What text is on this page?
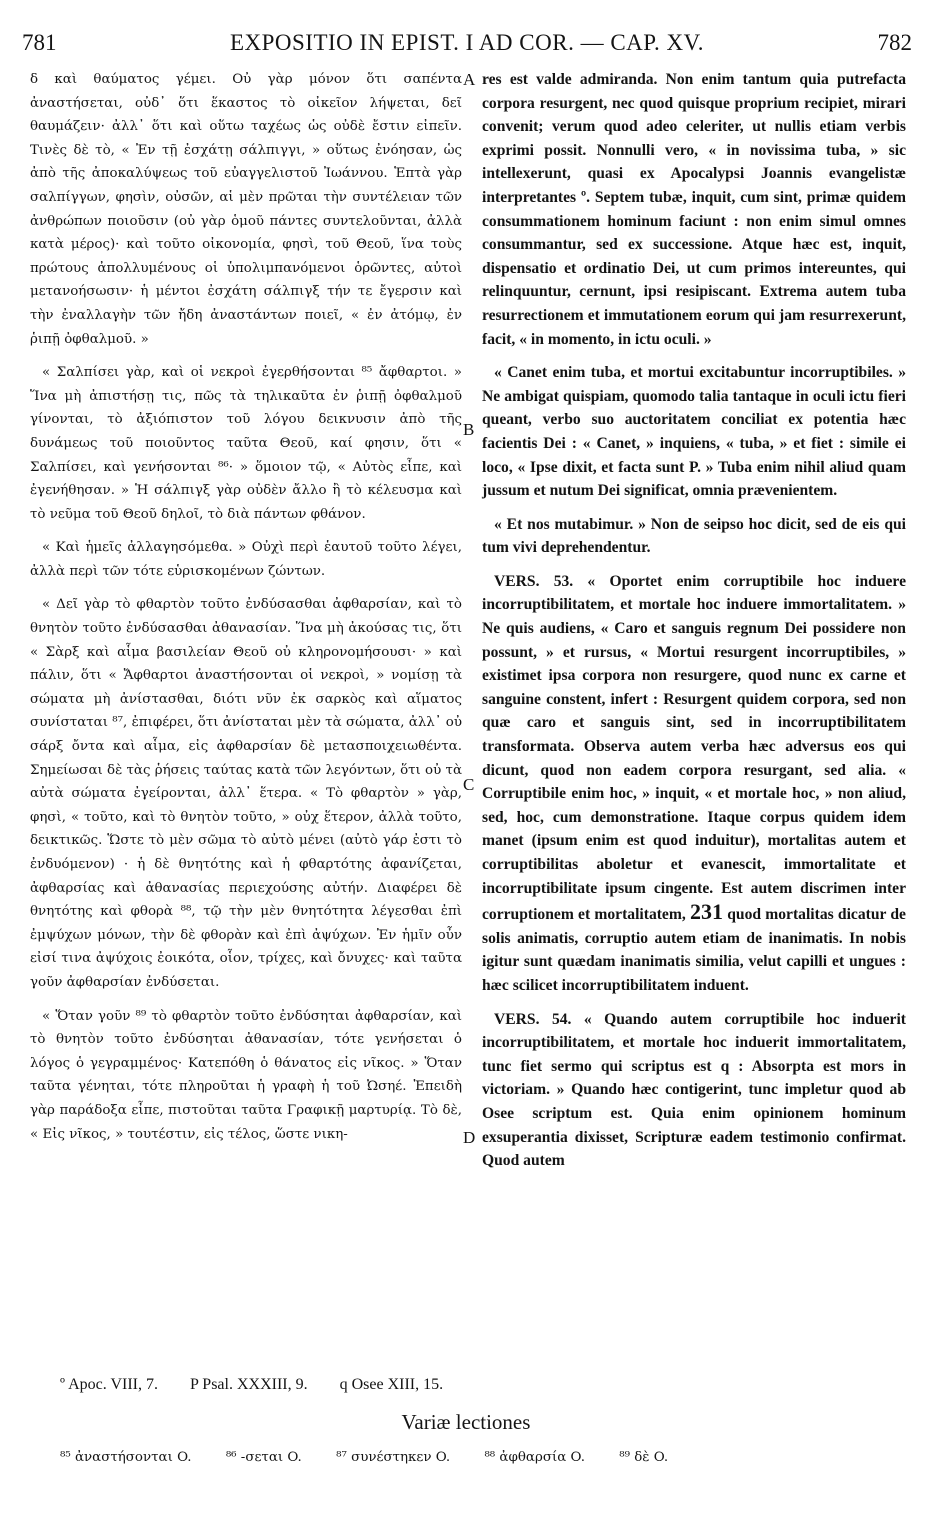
781	EXPOSITIO IN EPIST. I AD COR. — CAP. XV.	782

δ καὶ θαύματος γέμει. Οὐ γὰρ μόνον ὅτι σαπέντα ἀναστήσεται, οὐδ᾿ ὅτι ἕκαστος τὸ οἰκεῖον λήψεται, δεῖ θαυμάζειν· ἀλλ᾿ ὅτι καὶ οὕτω ταχέως ὡς οὐδὲ ἔστιν εἰπεῖν. Τινὲς δὲ τὸ, « Ἐν τῇ ἐσχάτῃ σάλπιγγι, » οὕτως ἐνόησαν, ὡς ἀπὸ τῆς ἀποκαλύψεως τοῦ εὐαγγελιστοῦ Ἰωάννου. Ἑπτὰ γὰρ σαλπίγγων, φησὶν, οὐσῶν, αἱ μὲν πρῶται τὴν συντέλειαν τῶν ἀνθρώπων ποιοῦσιν (οὐ γὰρ ὁμοῦ πάντες συντελοῦνται, ἀλλὰ κατὰ μέρος)· καὶ τοῦτο οἰκονομία, φησὶ, τοῦ Θεοῦ, ἵνα τοὺς πρώτους ἀπολλυμένους οἱ ὑπολιμπανόμενοι ὁρῶντες, αὐτοὶ μετανοήσωσιν· ἡ μέντοι ἐσχάτη σάλπιγξ τήν τε ἔγερσιν καὶ τὴν ἐναλλαγὴν τῶν ἤδη ἀναστάντων ποιεῖ, « ἐν ἀτόμῳ, ἐν ῥιπῇ ὀφθαλμοῦ. »

« Σαλπίσει γὰρ, καὶ οἱ νεκροὶ ἐγερθήσονται ⁸⁵ ἄφθαρτοι. » Ἵνα μὴ ἀπιστήσῃ τις, πῶς τὰ τηλικαῦτα ἐν ῥιπῇ ὀφθαλμοῦ γίνονται, τὸ ἀξιόπιστον τοῦ λόγου δεικνυσιν ἀπὸ τῆς δυνάμεως τοῦ ποιοῦντος ταῦτα Θεοῦ, καί φησιν, ὅτι « Σαλπίσει, καὶ γενήσονται ⁸⁶· » ὅμοιον τῷ, « Αὐτὸς εἶπε, καὶ ἐγενήθησαν. » Ἡ σάλπιγξ γὰρ οὐδὲν ἄλλο ἢ τὸ κέλευσμα καὶ τὸ νεῦμα τοῦ Θεοῦ δηλοῖ, τὸ διὰ πάντων φθάνον.

« Καὶ ἡμεῖς ἀλλαγησόμεθα. » Οὐχὶ περὶ ἑαυτοῦ τοῦτο λέγει, ἀλλὰ περὶ τῶν τότε εὑρισκομένων ζώντων.

« Δεῖ γὰρ τὸ φθαρτὸν τοῦτο ἐνδύσασθαι ἀφθαρσίαν, καὶ τὸ θνητὸν τοῦτο ἐνδύσασθαι ἀθανασίαν. Ἵνα μὴ ἀκούσας τις, ὅτι « Σὰρξ καὶ αἷμα βασιλείαν Θεοῦ οὐ κληρονομήσουσι· » καὶ πάλιν, ὅτι « Ἄφθαρτοι ἀναστήσονται οἱ νεκροὶ, » νομίσῃ τὰ σώματα μὴ ἀνίστασθαι, διότι νῦν ἐκ σαρκὸς καὶ αἵματος συνίσταται ⁸⁷, ἐπιφέρει, ὅτι ἀνίσταται μὲν τὰ σώματα, ἀλλ᾿ οὐ σάρξ ὄντα καὶ αἷμα, εἰς ἀφθαρσίαν δὲ μετασποιχειωθέντα. Σημείωσαι δὲ τὰς ῥήσεις ταύτας κατὰ τῶν λεγόντων, ὅτι οὐ τὰ αὐτὰ σώματα ἐγείρονται, ἀλλ᾿ ἕτερα. « Τὸ φθαρτὸν » γὰρ, φησὶ, « τοῦτο, καὶ τὸ θνητὸν τοῦτο, » οὐχ ἕτερον, ἀλλὰ τοῦτο, δεικτικῶς. Ὥστε τὸ μὲν σῶμα τὸ αὐτὸ μένει (αὐτὸ γάρ ἐστι τὸ ἐνδυόμενον) · ἡ δὲ θνητότης καὶ ἡ φθαρτότης ἀφανίζεται, ἀφθαρσίας καὶ ἀθανασίας περιεχούσης αὐτήν. Διαφέρει δὲ θνητότης καὶ φθορὰ ⁸⁸, τῷ τὴν μὲν θνητότητα λέγεσθαι ἐπὶ ἐμψύχων μόνων, τὴν δὲ φθορὰν καὶ ἐπὶ ἀψύχων. Ἐν ἡμῖν οὖν εἰσί τινα ἀψύχοις ἐοικότα, οἷον, τρίχες, καὶ ὄνυχες· καὶ ταῦτα γοῦν ἀφθαρσίαν ἐνδύσεται.

« Ὅταν γοῦν ⁸⁹ τὸ φθαρτὸν τοῦτο ἐνδύσηται ἀφθαρσίαν, καὶ τὸ θνητὸν τοῦτο ἐνδύσηται ἀθανασίαν, τότε γενήσεται ὁ λόγος ὁ γεγραμμένος· Κατεπόθη ὁ θάνατος εἰς νῖκος. » Ὅταν ταῦτα γένηται, τότε πληροῦται ἡ γραφὴ ἡ τοῦ Ὠσηέ. Ἐπειδὴ γὰρ παράδοξα εἶπε, πιστοῦται ταῦτα Γραφικῇ μαρτυρίᾳ. Τὸ δὲ, « Εἰς νῖκος, » τουτέστιν, εἰς τέλος, ὥστε νικη-

res est valde admiranda. Non enim tantum quia putrefacta corpora resurgent, nec quod quisque proprium recipiet, mirari convenit; verum quod adeo celeriter, ut nullis etiam verbis exprimi possit. Nonnulli vero, « in novissima tuba, » sic intellexerunt, quasi ex Apocalypsi Joannis evangelistæ interpretantes º. Septem tubæ, inquit, cum sint, primæ quidem consummationem hominum faciunt : non enim simul omnes consummantur, sed ex successione. Atque hæc est, inquit, dispensatio et ordinatio Dei, ut cum primos intereuntes, qui relinquuntur, cernunt, ipsi resipiscant. Extrema autem tuba resurrectionem et immutationem eorum qui jam resurrexerunt, facit, « in momento, in ictu oculi. »

« Canet enim tuba, et mortui excitabuntur incorruptibiles. » Ne ambigat quispiam, quomodo talia tantaque in oculi ictu fieri queant, verbo suo auctoritatem conciliat ex potentia hæc facientis Dei : « Canet, » inquiens, « tuba, » et fiet : simile ei loco, « Ipse dixit, et facta sunt P. » Tuba enim nihil aliud quam jussum et nutum Dei significat, omnia prævenientem.

« Et nos mutabimur. » Non de seipso hoc dicit, sed de eis qui tum vivi deprehendentur.

VERS. 53. « Oportet enim corruptibile hoc induere incorruptibilitatem, et mortale hoc induere immortalitatem. » Ne quis audiens, « Caro et sanguis regnum Dei possidere non possunt, » et rursus, « Mortui resurgent incorruptibiles, » existimet ipsa corpora non resurgere, quod nunc ex carne et sanguine constent, infert : Resurgent quidem corpora, sed non quæ caro et sanguis sint, sed in incorruptibilitatem transformata. Observa autem verba hæc adversus eos qui dicunt, quod non eadem corpora resurgant, sed alia. « Corruptibile enim hoc, » inquit, « et mortale hoc, » non aliud, sed, hoc, cum demonstratione. Itaque corpus quidem idem manet (ipsum enim est quod induitur), mortalitas autem et corruptibilitas aboletur et evanescit, immortalitate et incorruptibilitate ipsum cingente. Est autem discrimen inter corruptionem et mortalitatem, 231 quod mortalitas dicatur de solis animatis, corruptio autem etiam de inanimatis. In nobis igitur sunt quædam inanimatis similia, velut capilli et ungues : hæc scilicet incorruptibilitatem induent.

VERS. 54. « Quando autem corruptibile hoc induerit incorruptibilitatem, et mortale hoc induerit immortalitatem, tunc fiet sermo qui scriptus est q : Absorpta est mors in victoriam. » Quando hæc contigerint, tunc impletur quod ab Osee scriptum est. Quia enim opinionem hominum exsuperantia dixisset, Scripturæ eadem testimonio confirmat. Quod autem

A
B
C
D
º Apoc. VIII, 7. P Psal. XXXIII, 9. q Osee XIII, 15.
Variæ lectiones
⁸⁵ ἀναστήσονται O.	⁸⁶ -σεται O.	⁸⁷ συνέστηκεν O.	⁸⁸ ἀφθαρσία O.	⁸⁹ δὲ O.
